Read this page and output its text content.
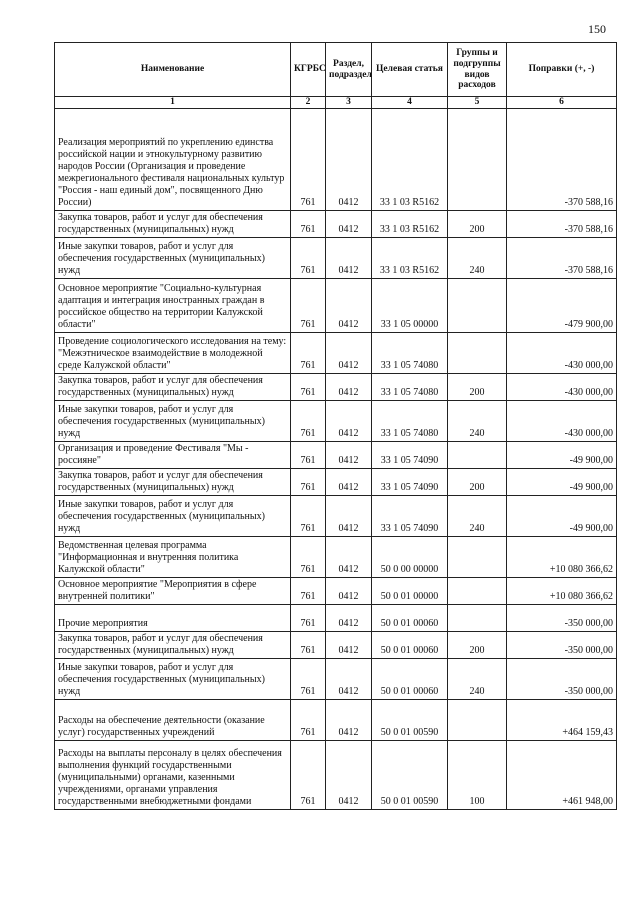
150
Наименование	КГРБС	Раздел, подраздел	Целевая статья	Группы и подгруппы видов расходов	Поправки (+, -)
1	2	3	4	5	6
Реализация мероприятий по укреплению единства российской нации и этнокультурному развитию народов России (Организация и проведение межрегионального фестиваля национальных культур "Россия - наш единый дом", посвященного Дню России)	761	0412	33 1 03 R5162		-370 588,16
Закупка товаров, работ и услуг для обеспечения государственных (муниципальных) нужд	761	0412	33 1 03 R5162	200	-370 588,16
Иные закупки товаров, работ и услуг для обеспечения государственных (муниципальных) нужд	761	0412	33 1 03 R5162	240	-370 588,16
Основное мероприятие "Социально-культурная адаптация и интеграция иностранных граждан в российское общество на территории Калужской области"	761	0412	33 1 05 00000		-479 900,00
Проведение социологического исследования на тему: "Межэтническое взаимодействие в молодежной среде Калужской области"	761	0412	33 1 05 74080		-430 000,00
Закупка товаров, работ и услуг для обеспечения государственных (муниципальных) нужд	761	0412	33 1 05 74080	200	-430 000,00
Иные закупки товаров, работ и услуг для обеспечения государственных (муниципальных) нужд	761	0412	33 1 05 74080	240	-430 000,00
Организация и проведение Фестиваля "Мы - россияне"	761	0412	33 1 05 74090		-49 900,00
Закупка товаров, работ и услуг для обеспечения государственных (муниципальных) нужд	761	0412	33 1 05 74090	200	-49 900,00
Иные закупки товаров, работ и услуг для обеспечения государственных (муниципальных) нужд	761	0412	33 1 05 74090	240	-49 900,00
Ведомственная целевая программа "Информационная и внутренняя политика Калужской области"	761	0412	50 0 00 00000		+10 080 366,62
Основное мероприятие "Мероприятия в сфере внутренней политики"	761	0412	50 0 01 00000		+10 080 366,62
Прочие мероприятия	761	0412	50 0 01 00060		-350 000,00
Закупка товаров, работ и услуг для обеспечения государственных (муниципальных) нужд	761	0412	50 0 01 00060	200	-350 000,00
Иные закупки товаров, работ и услуг для обеспечения государственных (муниципальных) нужд	761	0412	50 0 01 00060	240	-350 000,00
Расходы на обеспечение деятельности (оказание услуг) государственных учреждений	761	0412	50 0 01 00590		+464 159,43
Расходы на выплаты персоналу в целях обеспечения выполнения функций государственными (муниципальными) органами, казенными учреждениями, органами управления государственными внебюджетными фондами	761	0412	50 0 01 00590	100	+461 948,00
